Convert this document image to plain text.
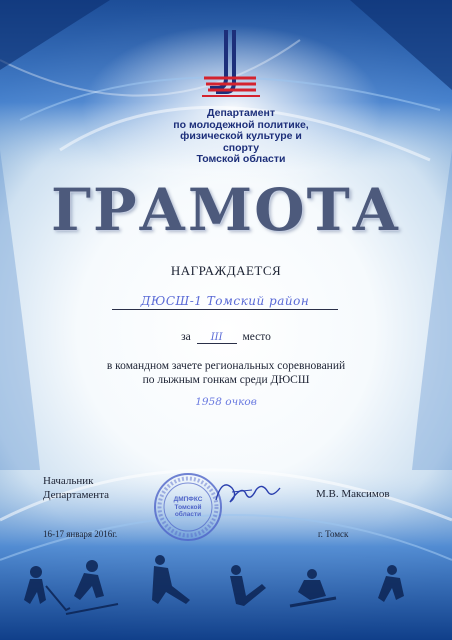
Департамент
по молодежной политике,
физической культуре и спорту
Томской области
ГРАМОТА
НАГРАЖДАЕТСЯ
ДЮСШ-1 Томский район
за III место
в командном зачете региональных соревнований
по лыжным гонкам среди ДЮСШ
1958 очков
Начальник
Департамента	ДМПФКС
Томской
области
М.В. Максимов
16-17 января 2016г.	г. Томск
